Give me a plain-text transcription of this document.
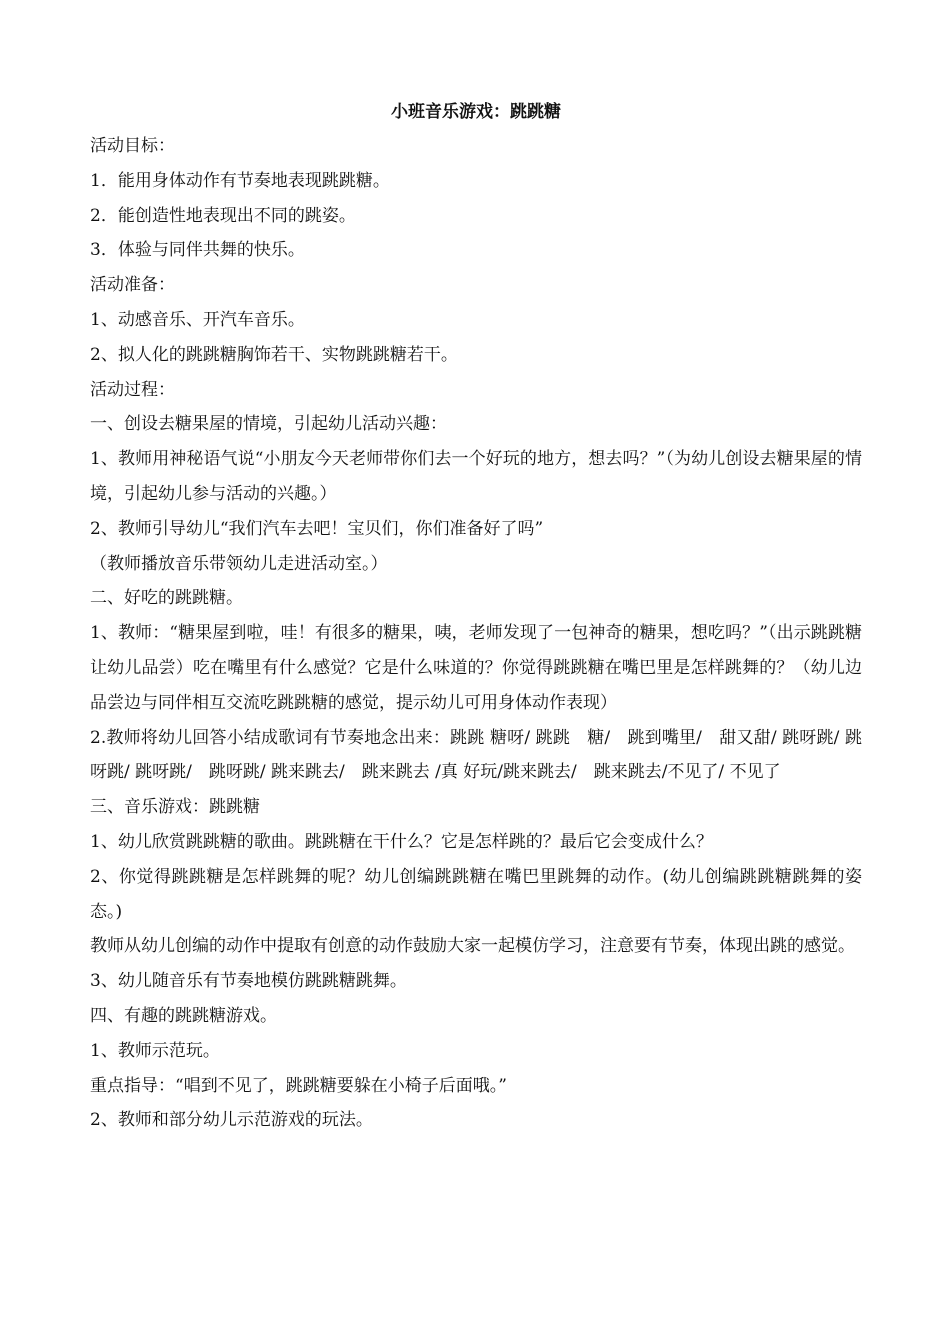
小班音乐游戏：跳跳糖

活动目标：

1．能用身体动作有节奏地表现跳跳糖。

2．能创造性地表现出不同的跳姿。

3．体验与同伴共舞的快乐。

活动准备：

1、动感音乐、开汽车音乐。

2、拟人化的跳跳糖胸饰若干、实物跳跳糖若干。

活动过程：

一、创设去糖果屋的情境，引起幼儿活动兴趣：

1、教师用神秘语气说“小朋友今天老师带你们去一个好玩的地方，想去吗？”（为幼儿创设去糖果屋的情境，引起幼儿参与活动的兴趣。）

2、教师引导幼儿“我们汽车去吧！宝贝们，你们准备好了吗”

（教师播放音乐带领幼儿走进活动室。）

二、好吃的跳跳糖。

1、教师：“糖果屋到啦，哇！有很多的糖果，咦，老师发现了一包神奇的糖果，想吃吗？”（出示跳跳糖让幼儿品尝）吃在嘴里有什么感觉？它是什么味道的？你觉得跳跳糖在嘴巴里是怎样跳舞的？（幼儿边品尝边与同伴相互交流吃跳跳糖的感觉，提示幼儿可用身体动作表现）

2.教师将幼儿回答小结成歌词有节奏地念出来：跳跳 糖呀/ 跳跳　糖/　跳到嘴里/　甜又甜/ 跳呀跳/ 跳呀跳/ 跳呀跳/　跳呀跳/ 跳来跳去/　跳来跳去 /真 好玩/跳来跳去/　跳来跳去/不见了/ 不见了

三、音乐游戏：跳跳糖

1、幼儿欣赏跳跳糖的歌曲。跳跳糖在干什么？它是怎样跳的？最后它会变成什么？

2、你觉得跳跳糖是怎样跳舞的呢？幼儿创编跳跳糖在嘴巴里跳舞的动作。(幼儿创编跳跳糖跳舞的姿态。)

教师从幼儿创编的动作中提取有创意的动作鼓励大家一起模仿学习，注意要有节奏，体现出跳的感觉。

3、幼儿随音乐有节奏地模仿跳跳糖跳舞。

四、有趣的跳跳糖游戏。

1、教师示范玩。

重点指导：“唱到不见了，跳跳糖要躲在小椅子后面哦。”

2、教师和部分幼儿示范游戏的玩法。
